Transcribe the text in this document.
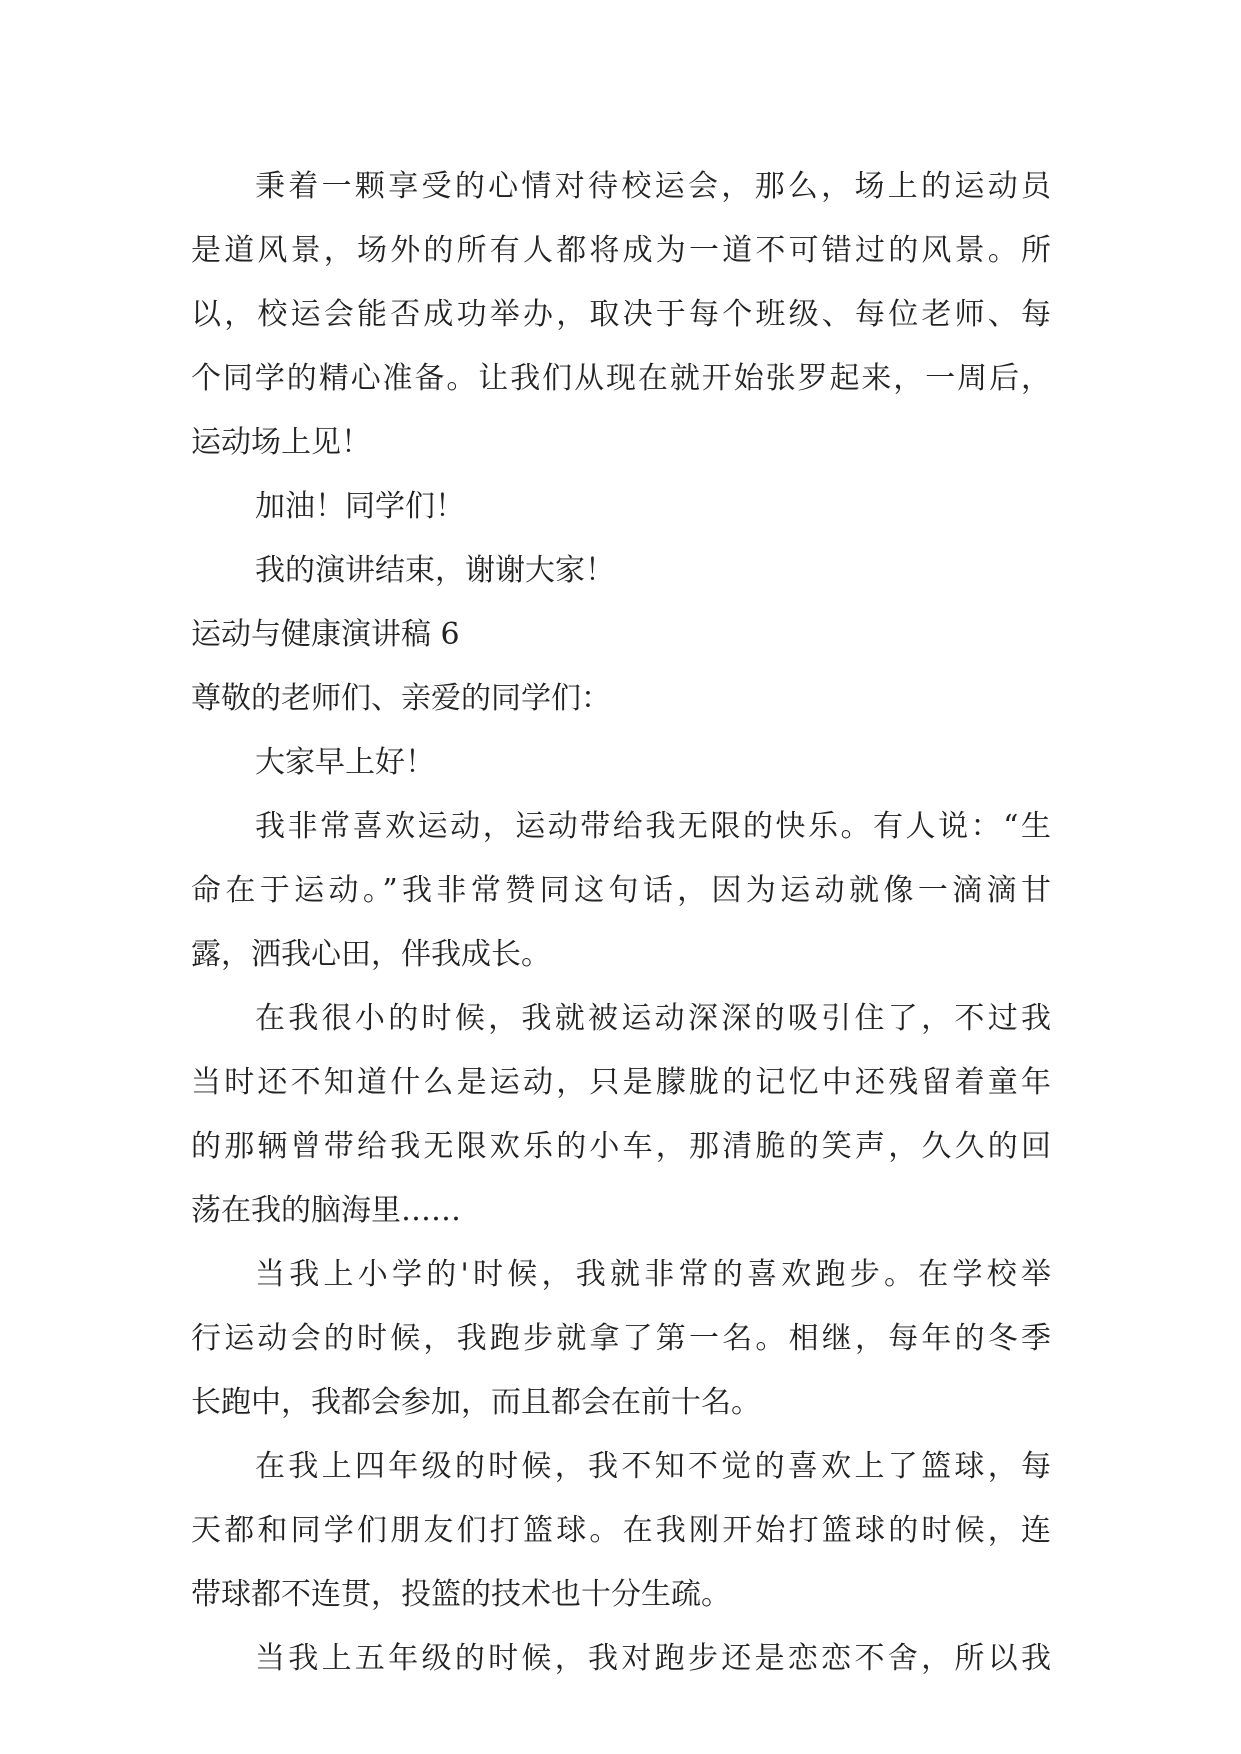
秉着一颗享受的心情对待校运会，那么，场上的运动员
是道风景，场外的所有人都将成为一道不可错过的风景。所
以，校运会能否成功举办，取决于每个班级、每位老师、每
个同学的精心准备。让我们从现在就开始张罗起来，一周后，
运动场上见！
加油！同学们！
我的演讲结束，谢谢大家！
运动与健康演讲稿 6
尊敬的老师们、亲爱的同学们：
大家早上好！
我非常喜欢运动，运动带给我无限的快乐。有人说：“生
命在于运动。”我非常赞同这句话，因为运动就像一滴滴甘
露，洒我心田，伴我成长。
在我很小的时候，我就被运动深深的吸引住了，不过我
当时还不知道什么是运动，只是朦胧的记忆中还残留着童年
的那辆曾带给我无限欢乐的小车，那清脆的笑声，久久的回
荡在我的脑海里……
当我上小学的'时候，我就非常的喜欢跑步。在学校举
行运动会的时候，我跑步就拿了第一名。相继，每年的冬季
长跑中，我都会参加，而且都会在前十名。
在我上四年级的时候，我不知不觉的喜欢上了篮球，每
天都和同学们朋友们打篮球。在我刚开始打篮球的时候，连
带球都不连贯，投篮的技术也十分生疏。
当我上五年级的时候，我对跑步还是恋恋不舍，所以我
